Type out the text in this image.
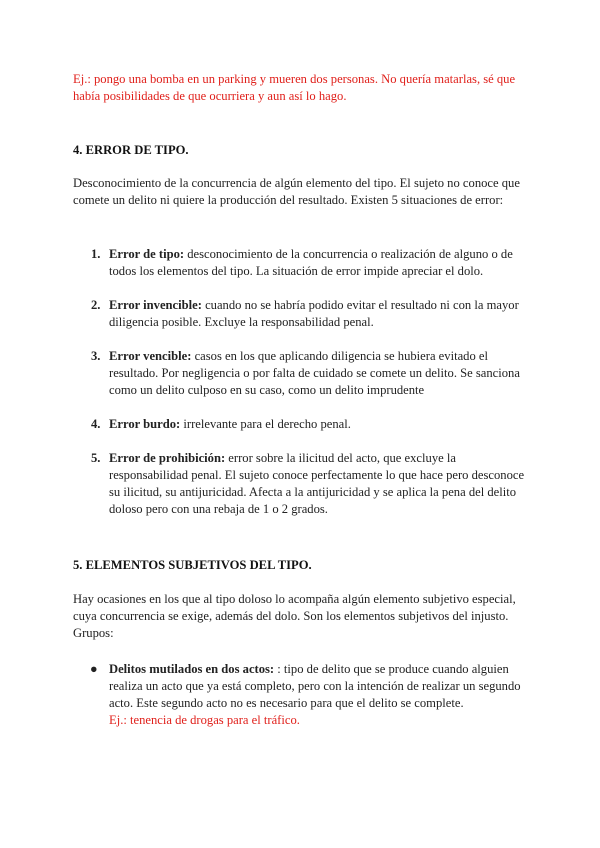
Ej.: pongo una bomba en un parking y mueren dos personas. No quería matarlas, sé que había posibilidades de que ocurriera y aun así lo hago.
4. ERROR DE TIPO.
Desconocimiento de la concurrencia de algún elemento del tipo. El sujeto no conoce que comete un delito ni quiere la producción del resultado. Existen 5 situaciones de error:
1. Error de tipo: desconocimiento de la concurrencia o realización de alguno o de todos los elementos del tipo. La situación de error impide apreciar el dolo.
2. Error invencible: cuando no se habría podido evitar el resultado ni con la mayor diligencia posible. Excluye la responsabilidad penal.
3. Error vencible: casos en los que aplicando diligencia se hubiera evitado el resultado. Por negligencia o por falta de cuidado se comete un delito. Se sanciona como un delito culposo en su caso, como un delito imprudente
4. Error burdo: irrelevante para el derecho penal.
5. Error de prohibición: error sobre la ilicitud del acto, que excluye la responsabilidad penal. El sujeto conoce perfectamente lo que hace pero desconoce su ilicitud, su antijuricidad. Afecta a la antijuricidad y se aplica la pena del delito doloso pero con una rebaja de 1 o 2 grados.
5. ELEMENTOS SUBJETIVOS DEL TIPO.
Hay ocasiones en los que al tipo doloso lo acompaña algún elemento subjetivo especial, cuya concurrencia se exige, además del dolo. Son los elementos subjetivos del injusto. Grupos:
● Delitos mutilados en dos actos: : tipo de delito que se produce cuando alguien realiza un acto que ya está completo, pero con la intención de realizar un segundo acto. Este segundo acto no es necesario para que el delito se complete.
Ej.: tenencia de drogas para el tráfico.
